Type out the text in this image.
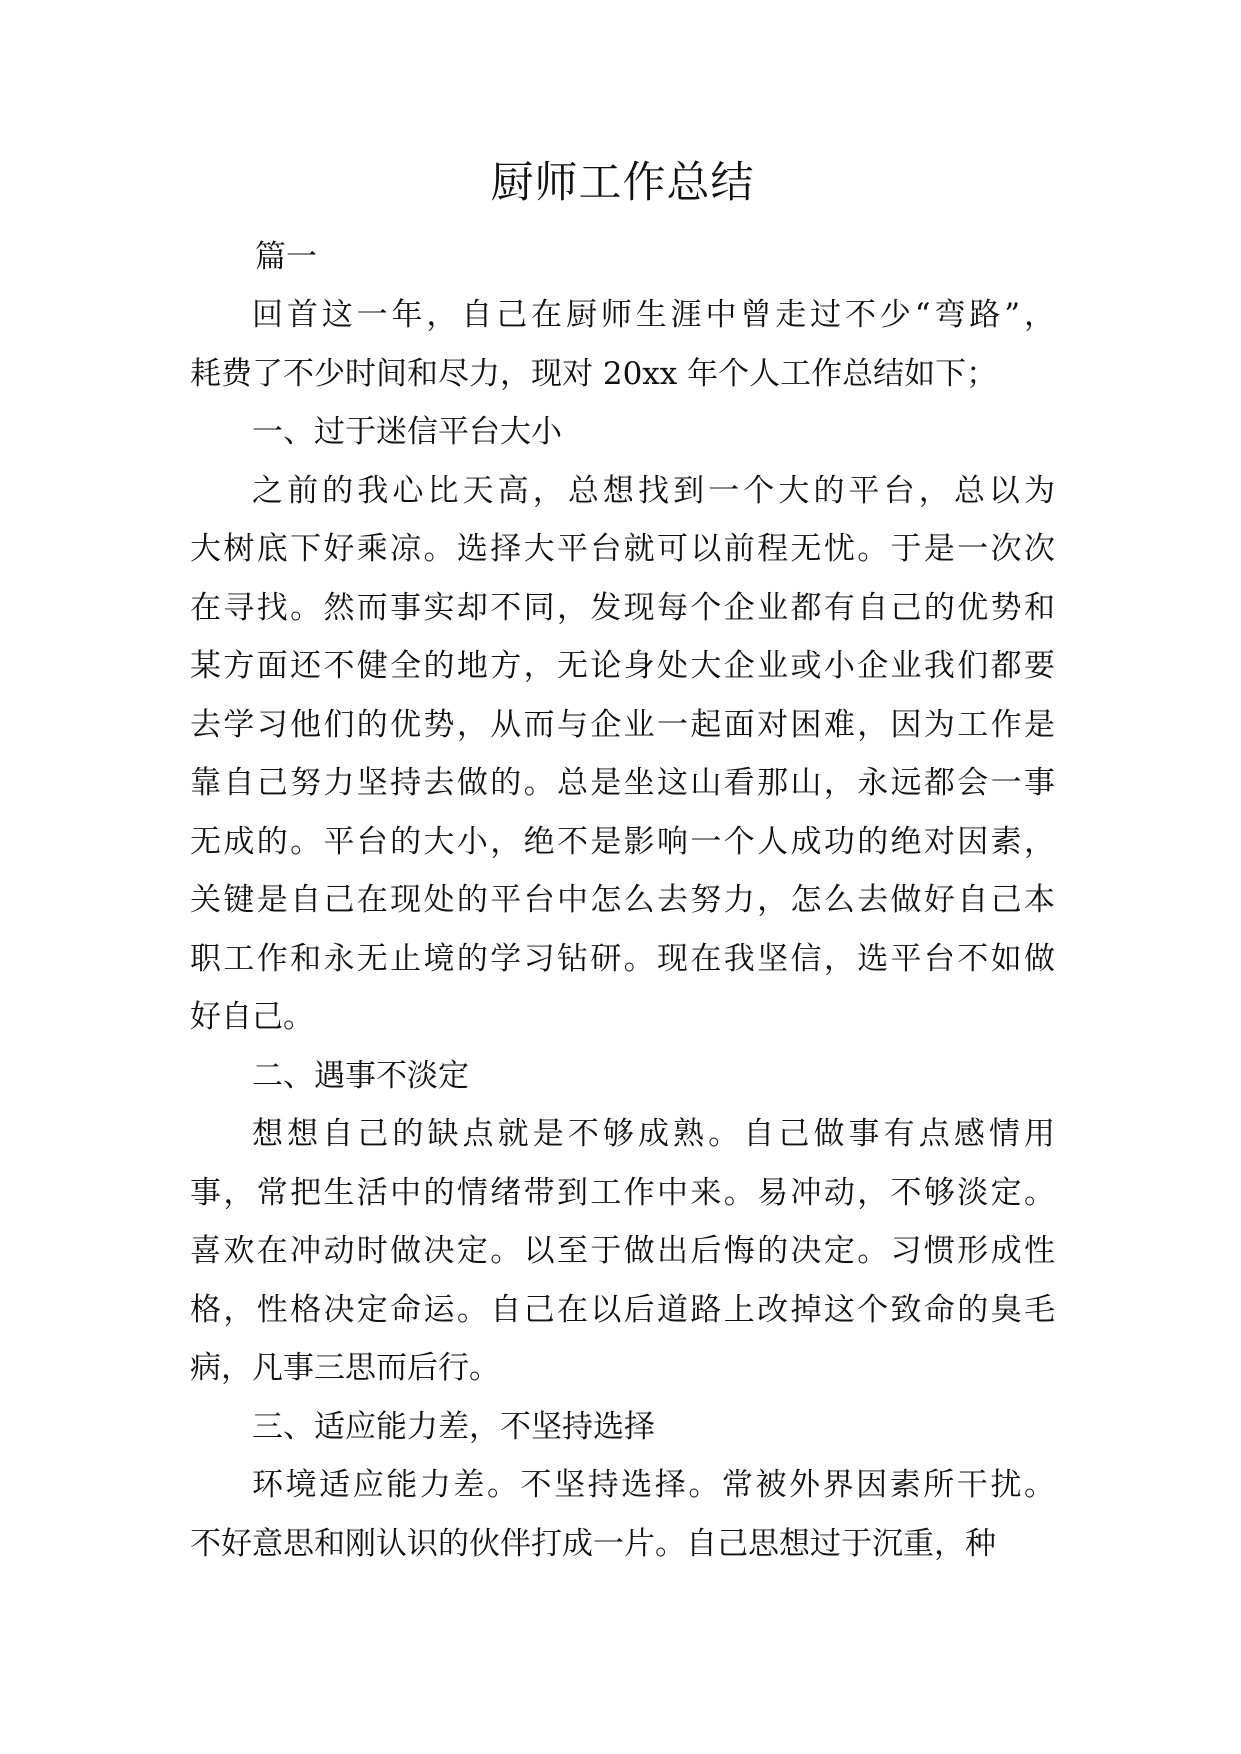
厨师工作总结

篇一

回首这一年，自己在厨师生涯中曾走过不少“弯路”，
耗费了不少时间和尽力，现对 20xx 年个人工作总结如下；
一、过于迷信平台大小
之前的我心比天高，总想找到一个大的平台，总以为
大树底下好乘凉。选择大平台就可以前程无忧。于是一次次
在寻找。然而事实却不同，发现每个企业都有自己的优势和
某方面还不健全的地方，无论身处大企业或小企业我们都要
去学习他们的优势，从而与企业一起面对困难，因为工作是
靠自己努力坚持去做的。总是坐这山看那山，永远都会一事
无成的。平台的大小，绝不是影响一个人成功的绝对因素，
关键是自己在现处的平台中怎么去努力，怎么去做好自己本
职工作和永无止境的学习钻研。现在我坚信，选平台不如做
好自己。
二、遇事不淡定
想想自己的缺点就是不够成熟。自己做事有点感情用
事，常把生活中的情绪带到工作中来。易冲动，不够淡定。
喜欢在冲动时做决定。以至于做出后悔的决定。习惯形成性
格，性格决定命运。自己在以后道路上改掉这个致命的臭毛
病，凡事三思而后行。
三、适应能力差，不坚持选择
环境适应能力差。不坚持选择。常被外界因素所干扰。
不好意思和刚认识的伙伴打成一片。自己思想过于沉重，种
